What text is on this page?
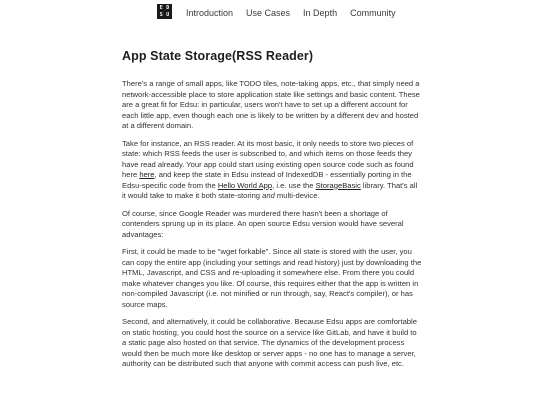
E D
S U Introduction Use Cases In Depth Community
App State Storage(RSS Reader)

There's a range of small apps, like TODO tiles, note-taking apps, etc., that simply need a network-accessible place to store application state like settings and basic content. These are a great fit for Edsu: in particular, users won't have to set up a different account for each little app, even though each one is likely to be written by a different dev and hosted at a different domain.

Take for instance, an RSS reader. At its most basic, it only needs to store two pieces of state: which RSS feeds the user is subscribed to, and which items on those feeds they have read already. Your app could start using existing open source code such as found here here, and keep the state in Edsu instead of IndexedDB - essentially porting in the Edsu-specific code from the Hello World App, i.e. use the StorageBasic library. That's all it would take to make it both state-storing and multi-device.

Of course, since Google Reader was murdered there hasn't been a shortage of contenders sprung up in its place. An open source Edsu version would have several advantages:

First, it could be made to be "wget forkable". Since all state is stored with the user, you can copy the entire app (including your settings and read history) just by downloading the HTML, Javascript, and CSS and re-uploading it somewhere else. From there you could make whatever changes you like. Of course, this requires either that the app is written in non-compiled Javascript (i.e. not minified or run through, say, React's compiler), or has source maps.

Second, and alternatively, it could be collaborative. Because Edsu apps are comfortable on static hosting, you could host the source on a service like GitLab, and have it build to a static page also hosted on that service. The dynamics of the development process would then be much more like desktop or server apps - no one has to manage a server, authority can be distributed such that anyone with commit access can push live, etc.
